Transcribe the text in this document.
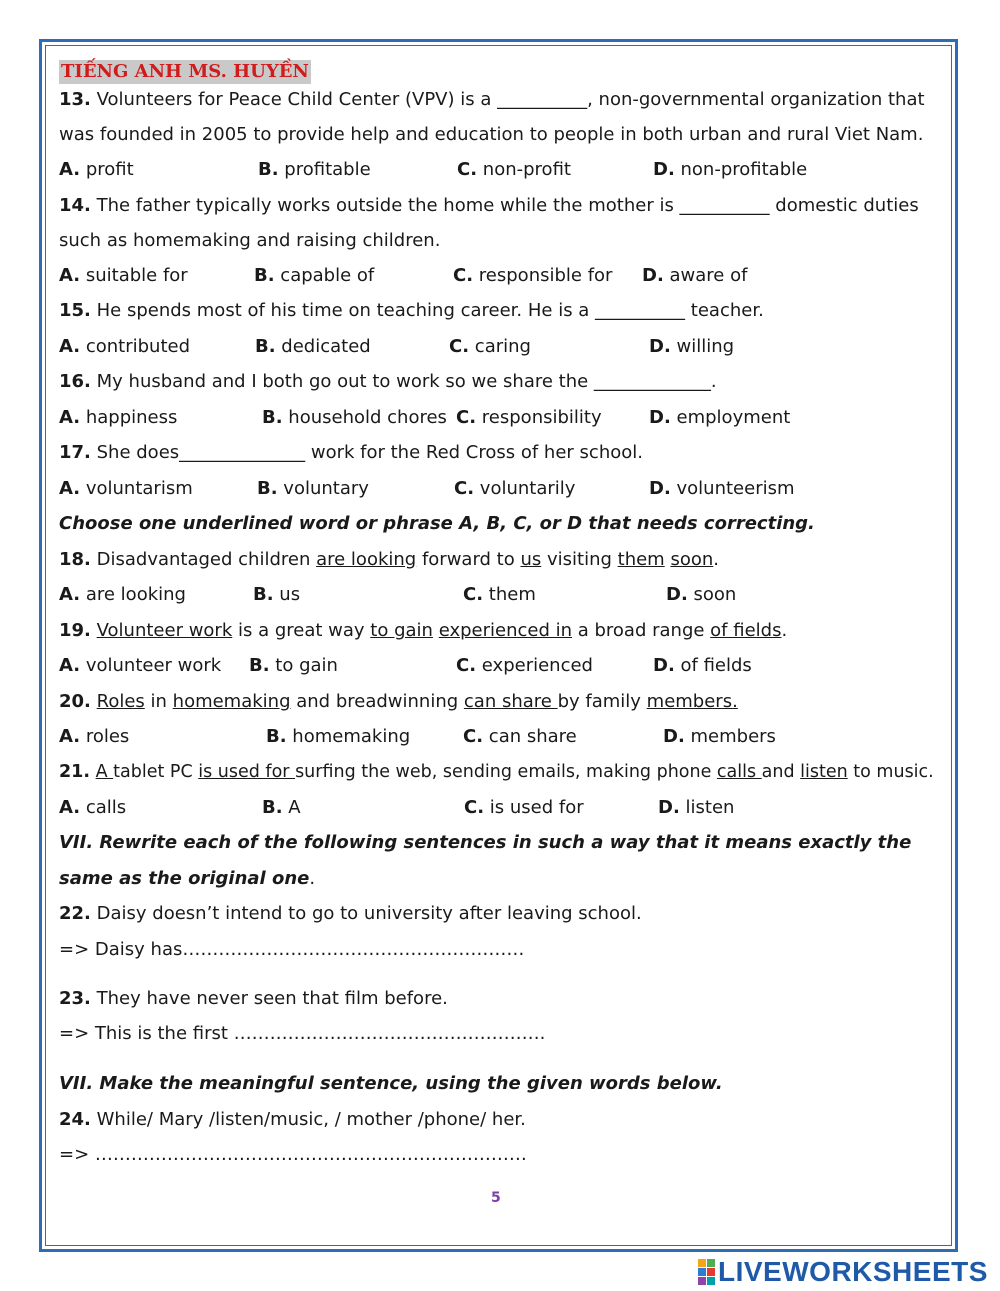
TIẾNG ANH MS. HUYỀN
13. Volunteers for Peace Child Center (VPV) is a __________, non-governmental organization that
was founded in 2005 to provide help and education to people in both urban and rural Viet Nam.
A. profit	B. profitable	C. non-profit	D. non-profitable
14. The father typically works outside the home while the mother is __________ domestic duties
such as homemaking and raising children.
A. suitable for	B. capable of	C. responsible for D. aware of
15. He spends most of his time on teaching career. He is a __________ teacher.
A. contributed	B. dedicated	C. caring	D. willing
16. My husband and I both go out to work so we share the _____________.
A. happiness	B. household chores C. responsibility	D. employment
17. She does______________ work for the Red Cross of her school.
A. voluntarism	B. voluntary	C. voluntarily	D. volunteerism
Choose one underlined word or phrase A, B, C, or D that needs correcting.
18. Disadvantaged children are looking forward to us visiting them soon.
A. are looking	B. us	C. them	D. soon
19. Volunteer work is a great way to gain experienced in a broad range of fields.
A. volunteer work B. to gain	C. experienced	D. of fields
20. Roles in homemaking and breadwinning can share by family members.
A. roles	B. homemaking	C. can share	D. members
21. A tablet PC is used for surfing the web, sending emails, making phone calls and listen to music.
A. calls	B. A	C. is used for	D. listen
VII. Rewrite each of the following sentences in such a way that it means exactly the
same as the original one.
22. Daisy doesn’t intend to go to university after leaving school.
=> Daisy has…………………………………………………
23. They have never seen that film before.
=> This is the first …………………………………………….
VII. Make the meaningful sentence, using the given words below.
24. While/ Mary /listen/music, / mother /phone/ her.
=> ………………………………………………………………
5
LIVEWORKSHEETS
